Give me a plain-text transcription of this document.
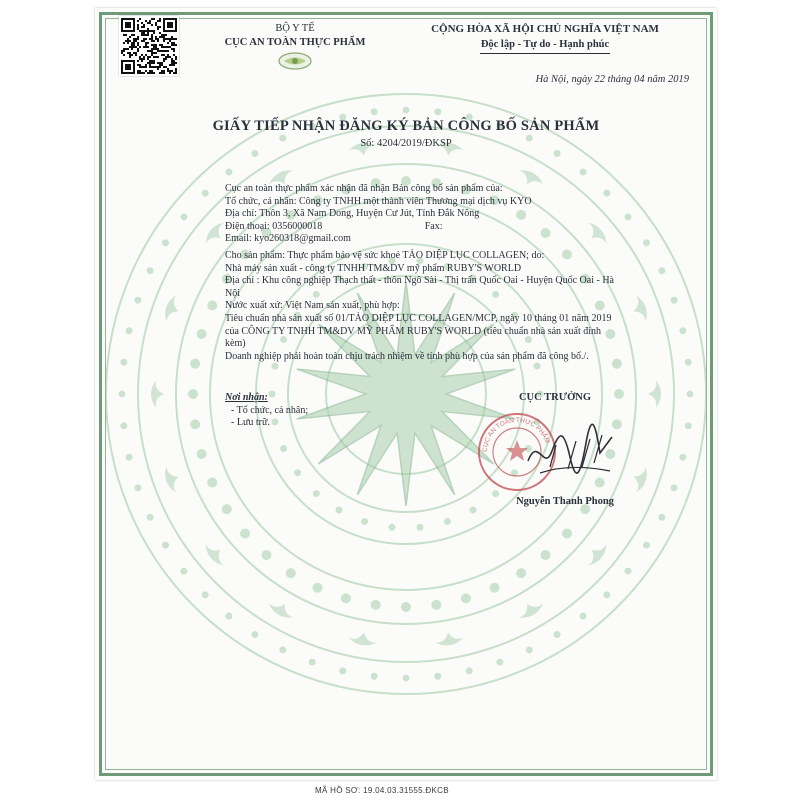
BỘ Y TẾ
CỤC AN TOÀN THỰC PHẨM
CỘNG HÒA XÃ HỘI CHỦ NGHĨA VIỆT NAM
Độc lập - Tự do - Hạnh phúc
Hà Nội, ngày 22 tháng 04 năm 2019
GIẤY TIẾP NHẬN ĐĂNG KÝ BẢN CÔNG BỐ SẢN PHẨM
Số: 4204/2019/ĐKSP

Cục an toàn thực phẩm xác nhận đã nhận Bản công bố sản phẩm của:

Tổ chức, cá nhân: Công ty TNHH một thành viên Thương mại dịch vụ KYO

Địa chỉ: Thôn 3, Xã Nam Dong, Huyện Cư Jút, Tỉnh Đắk Nông

Điện thoại: 0356000018                                         Fax:

Email: kyo260318@gmail.com

Cho sản phẩm: Thực phẩm bảo vệ sức khoẻ TẢO DIỆP LỤC COLLAGEN; do:

Nhà máy sản xuất - công ty TNHH TM&DV mỹ phẩm RUBY'S WORLD

Địa chỉ : Khu công nghiệp Thạch thất - thôn Ngô Sài - Thị trấn Quốc Oai - Huyện Quốc Oai - Hà Nội

Nước xuất xứ: Việt Nam sản xuất, phù hợp:

Tiêu chuẩn nhà sản xuất số 01/TẢO DIỆP LỤC COLLAGEN/MCP, ngày 10 tháng 01 năm 2019 của CÔNG TY TNHH TM&DV MỸ PHẨM RUBY'S WORLD (tiêu chuẩn nhà sản xuất đính kèm)

Doanh nghiệp phải hoàn toàn chịu trách nhiệm về tính phù hợp của sản phẩm đã công bố./.

Nơi nhận:

- Tổ chức, cá nhân;

- Lưu trữ.

CỤC TRƯỞNG
CỤC AN TOÀN THỰC PHẨM
Nguyễn Thanh Phong
MÃ HỒ SƠ: 19.04.03.31555.ĐKCB
